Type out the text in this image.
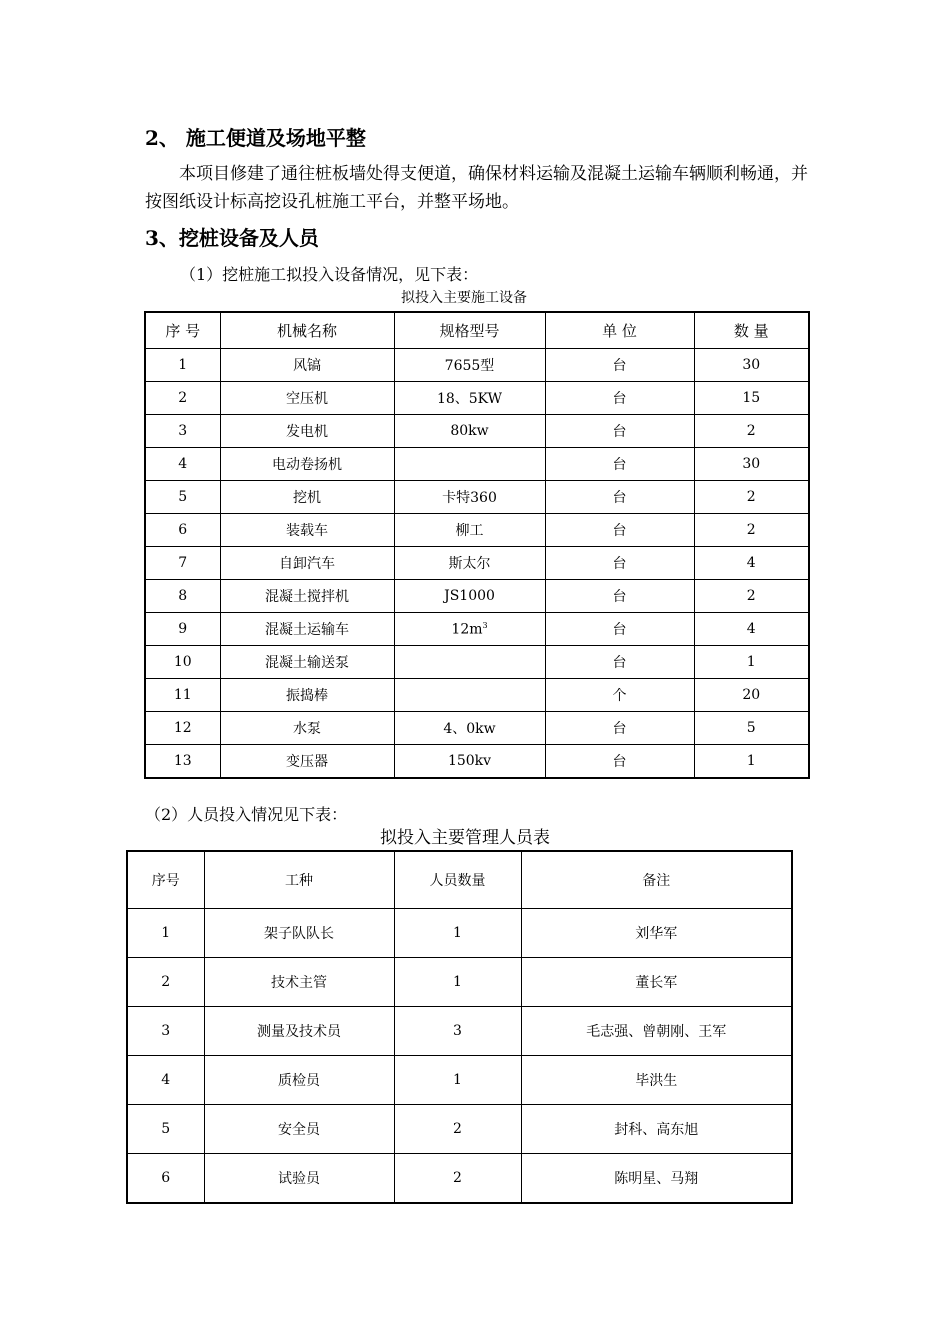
2、 施工便道及场地平整
本项目修建了通往桩板墙处得支便道，确保材料运输及混凝土运输车辆顺利畅通，并按图纸设计标高挖设孔桩施工平台，并整平场地。
3、挖桩设备及人员
（1）挖桩施工拟投入设备情况，见下表：
拟投入主要施工设备
序 号	机械名称	规格型号	单 位	数 量
1	风镐	7655型	台	30
2	空压机	18、5KW	台	15
3	发电机	80kw	台	2
4	电动卷扬机		台	30
5	挖机	卡特360	台	2
6	装载车	柳工	台	2
7	自卸汽车	斯太尔	台	4
8	混凝土搅拌机	JS1000	台	2
9	混凝土运输车	$12m^3$	台	4
10	混凝土输送泵		台	1
11	振捣棒		个	20
12	水泵	4、0kw	台	5
13	变压器	150kv	台	1
（2）人员投入情况见下表：
拟投入主要管理人员表
序号	工种	人员数量	备注
1	架子队队长	1	刘华军
2	技术主管	1	董长军
3	测量及技术员	3	毛志强、曾朝刚、王军
4	质检员	1	毕洪生
5	安全员	2	封科、高东旭
6	试验员	2	陈明星、马翔
